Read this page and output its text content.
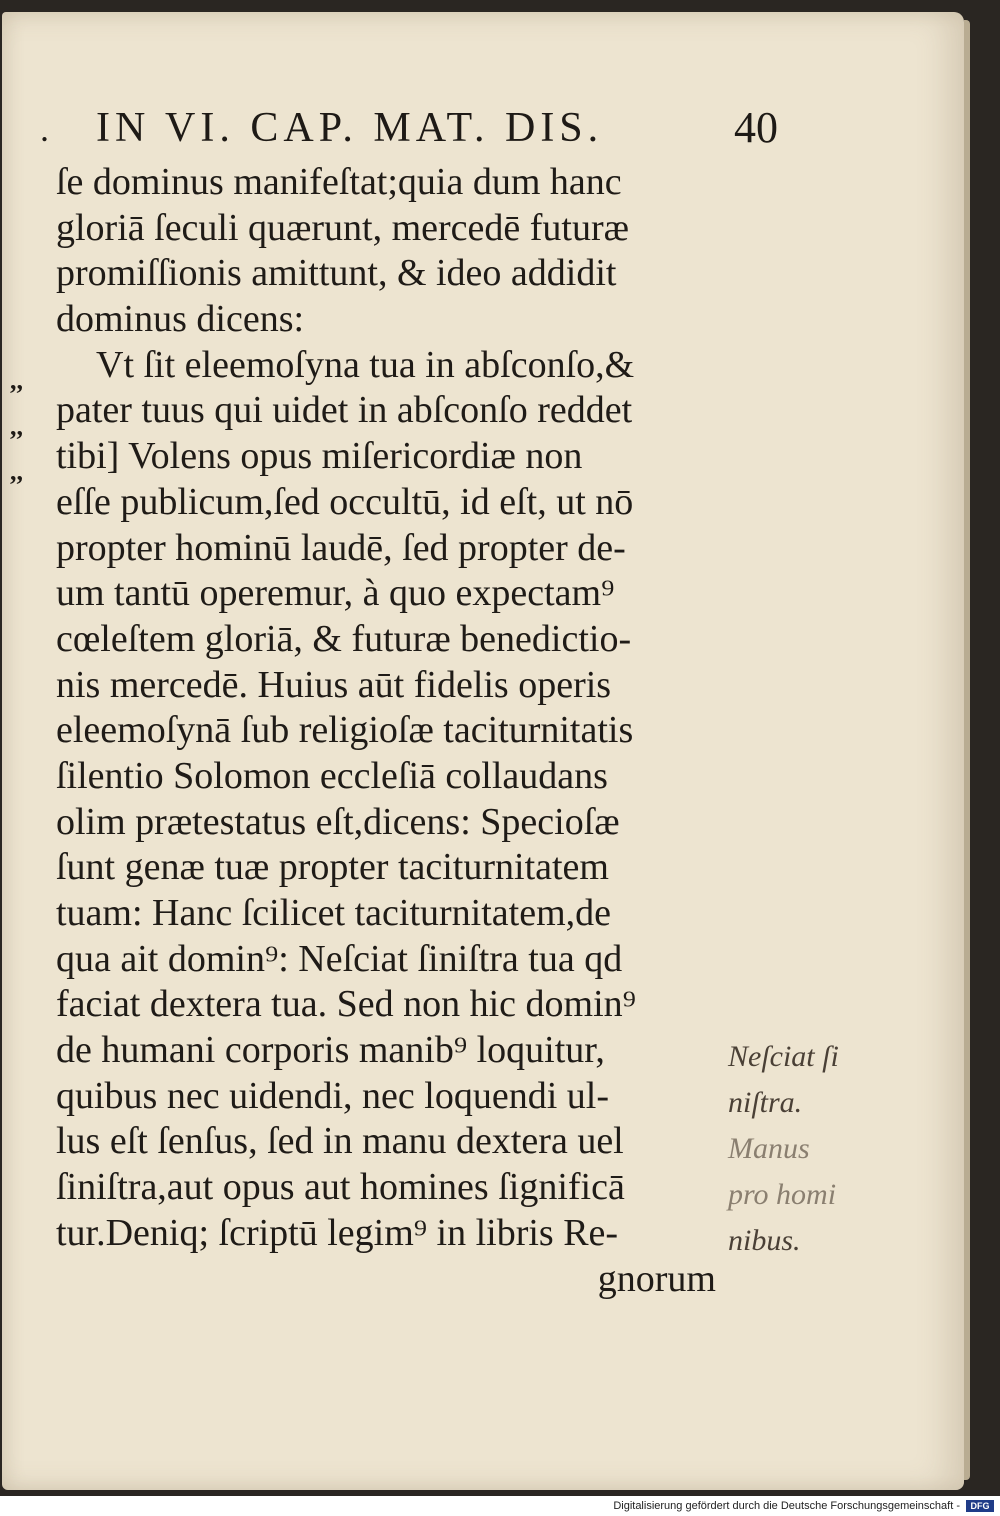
. IN VI. CAP. MAT. DIS.	40
,,
,,
,,
ſe dominus manifeſtat;quia dum hanc
gloriā ſeculi quærunt, mercedē futuræ
promiſſionis amittunt, & ideo addidit
dominus dicens:
Vt ſit eleemoſyna tua in abſconſo,&
pater tuus qui uidet in abſconſo reddet
tibi] Volens opus miſericordiæ non
eſſe publicum,ſed occultū, id eſt, ut nō
propter hominū laudē, ſed propter de-
um tantū operemur, à quo expectam⁹
cœleſtem gloriā, & futuræ benedictio-
nis mercedē. Huius aūt fidelis operis
eleemoſynā ſub religioſæ taciturnitatis
ſilentio Solomon eccleſiā collaudans
olim prætestatus eſt,dicens: Specioſæ
ſunt genæ tuæ propter taciturnitatem
tuam: Hanc ſcilicet taciturnitatem,de
qua ait domin⁹: Neſciat ſiniſtra tua qd
faciat dextera tua. Sed non hic domin⁹
de humani corporis manib⁹ loquitur,
quibus nec uidendi, nec loquendi ul-
lus eſt ſenſus, ſed in manu dextera uel
ſiniſtra,aut opus aut homines ſignificā
tur.Deniq; ſcriptū legim⁹ in libris Re-
gnorum
Neſciat ſi
niſtra.
Manus
pro homi
nibus.
Digitalisierung gefördert durch die Deutsche Forschungsgemeinschaft -	DFG
